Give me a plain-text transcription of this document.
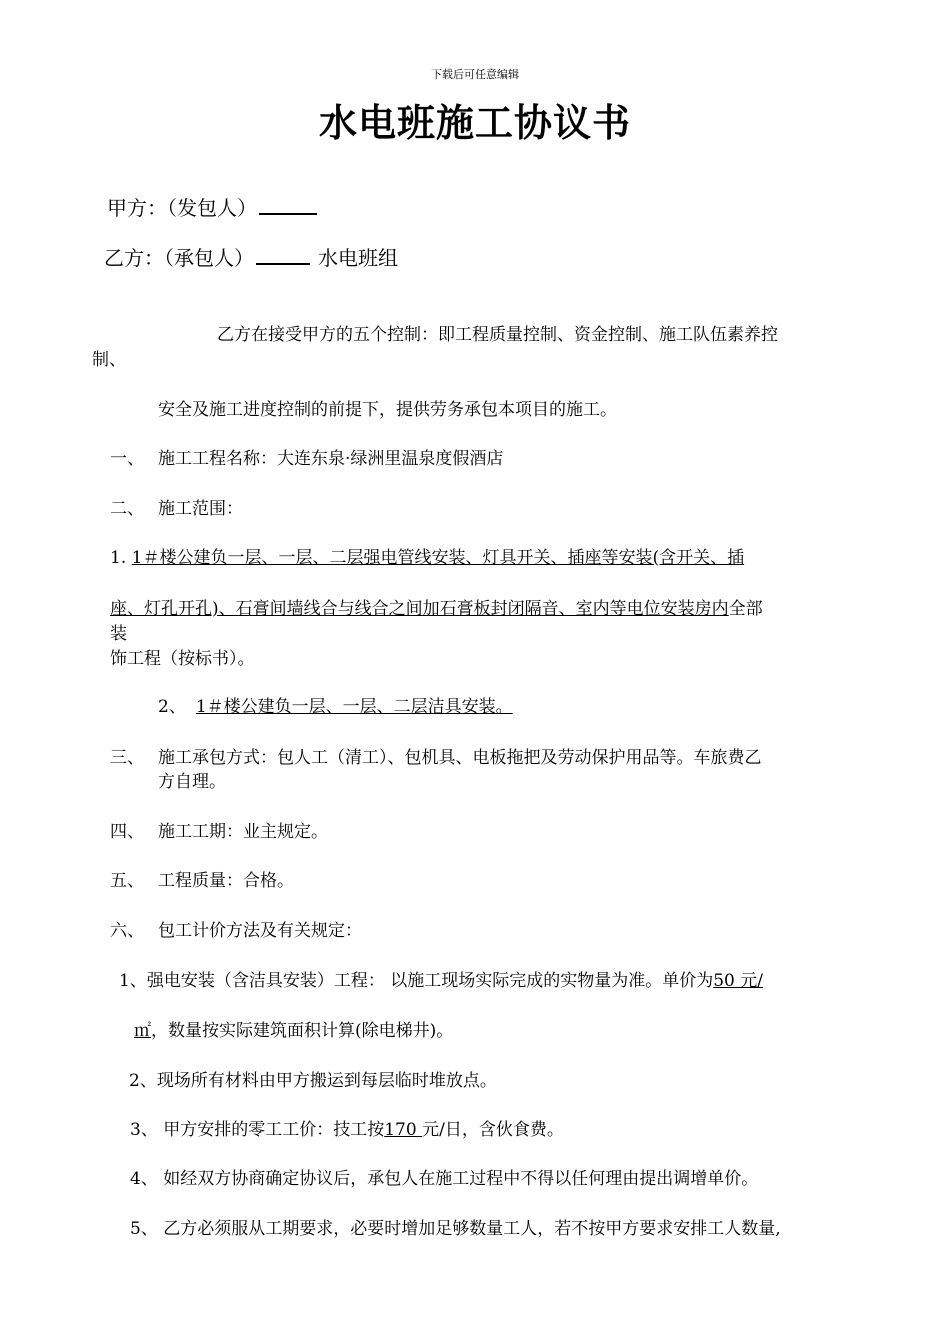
下载后可任意编辑
水电班施工协议书
甲方：（发包人）
乙方：（承包人）	水电班组
乙方在接受甲方的五个控制：即工程质量控制、资金控制、施工队伍素养控
制、
安全及施工进度控制的前提下，提供劳务承包本项目的施工。
一、 施工工程名称：大连东泉·绿洲里温泉度假酒店
二、 施工范围：
1. 1＃楼公建负一层、一层、二层强电管线安装、灯具开关、插座等安装(含开关、插
座、灯孔开孔)、石膏间墙线合与线合之间加石膏板封闭隔音、室内等电位安装房内全部
装
饰工程（按标书）。
2、 1＃楼公建负一层、一层、二层洁具安装。
三、 施工承包方式：包人工（清工）、包机具、电板拖把及劳动保护用品等。车旅费乙
方自理。
四、 施工工期：业主规定。
五、 工程质量：合格。
六、 包工计价方法及有关规定：
1、强电安装（含洁具安装）工程： 以施工现场实际完成的实物量为准。单价为50 元/
㎡，数量按实际建筑面积计算(除电梯井)。
2、现场所有材料由甲方搬运到每层临时堆放点。
3、 甲方安排的零工工价：技工按170 元/日，含伙食费。
4、 如经双方协商确定协议后，承包人在施工过程中不得以任何理由提出调增单价。
5、 乙方必须服从工期要求，必要时增加足够数量工人，若不按甲方要求安排工人数量,
